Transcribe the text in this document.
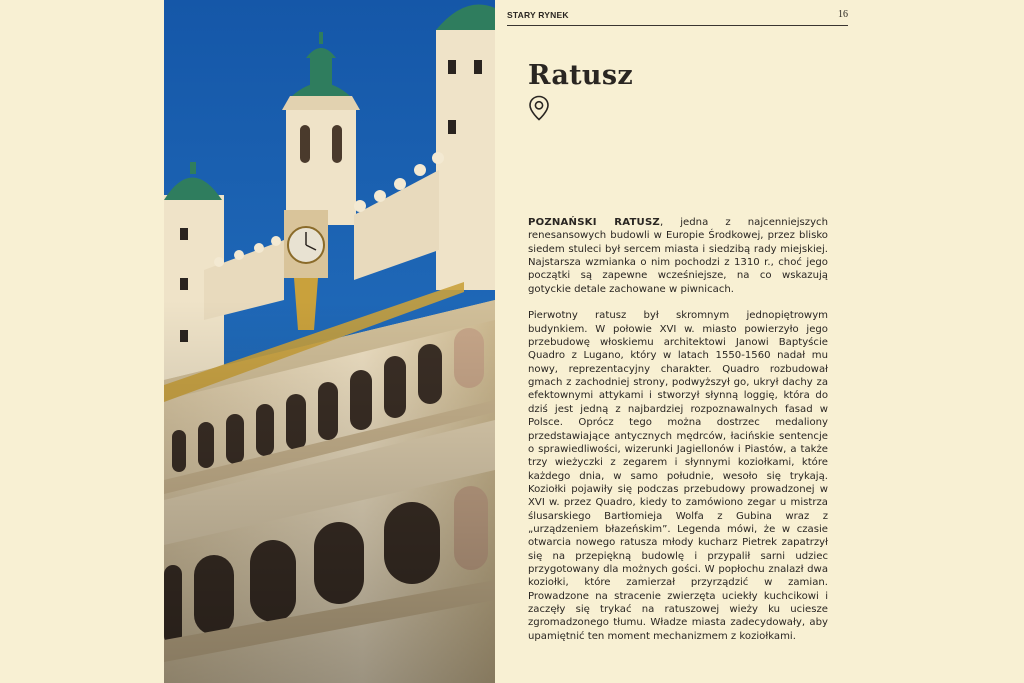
STARY RYNEK	16
Ratusz

POZNAŃSKI RATUSZ, jedna z najcenniejszych renesansowych budowli w Europie Środkowej, przez blisko siedem stuleci był sercem miasta i siedzibą rady miejskiej. Najstarsza wzmianka o nim pochodzi z 1310 r., choć jego początki są zapewne wcześniejsze, na co wskazują gotyckie detale zachowane w piwnicach.

Pierwotny ratusz był skromnym jednopiętrowym budynkiem. W połowie XVI w. miasto powierzyło jego przebudowę włoskiemu architektowi Janowi Baptyście Quadro z Lugano, który w latach 1550-1560 nadał mu nowy, reprezentacyjny charakter. Quadro rozbudował gmach z zachodniej strony, podwyższył go, ukrył dachy za efektownymi attykami i stworzył słynną loggię, która do dziś jest jedną z najbardziej rozpoznawalnych fasad w Polsce. Oprócz tego można dostrzec medaliony przedstawiające antycznych mędrców, łacińskie sentencje o sprawiedliwości, wizerunki Jagiellonów i Piastów, a także trzy wieżyczki z zegarem i słynnymi koziołkami, które każdego dnia, w samo południe, wesoło się trykają. Koziołki pojawiły się podczas przebudowy prowadzonej w XVI w. przez Quadro, kiedy to zamówiono zegar u mistrza ślusarskiego Bartłomieja Wolfa z Gubina wraz z „urządzeniem błazeńskim”. Legenda mówi, że w czasie otwarcia nowego ratusza młody kucharz Pietrek zapatrzył się na przepiękną budowlę i przypalił sarni udziec przygotowany dla możnych gości. W popłochu znalazł dwa koziołki, które zamierzał przyrządzić w zamian. Prowadzone na stracenie zwierzęta uciekły kuchcikowi i zaczęły się trykać na ratuszowej wieży ku uciesze zgromadzonego tłumu. Władze miasta zadecydowały, aby upamiętnić ten moment mechanizmem z koziołkami.
